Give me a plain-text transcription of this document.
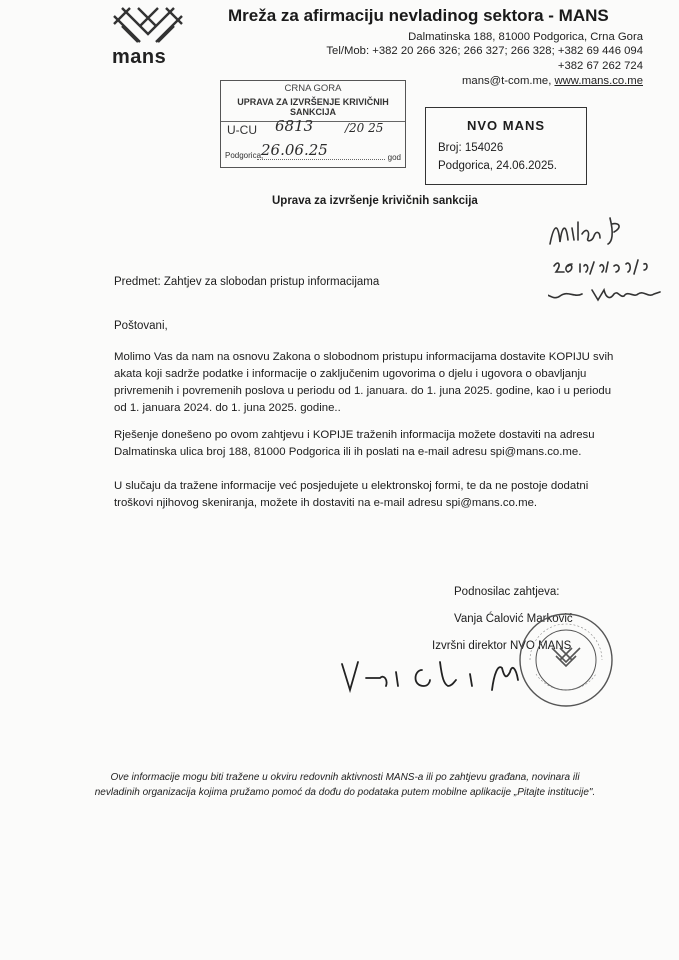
mans
Mreža za afirmaciju nevladinog sektora - MANS
Dalmatinska 188, 81000 Podgorica, Crna Gora
Tel/Mob: +382 20 266 326; 266 327; 266 328; +382 69 446 094
+382 67 262 724
mans@t-com.me, www.mans.co.me
CRNA GORA
UPRAVA ZA IZVRŠENJE KRIVIČNIH SANKCIJA
U-CU 6813	/20 25
Podgorica,
26.06.25	god
NVO MANS
Broj: 154026
Podgorica, 24.06.2025.
Uprava za izvršenje krivičnih sankcija
Predmet: Zahtjev za slobodan pristup informacijama
Poštovani,
Molimo Vas da nam na osnovu Zakona o slobodnom pristupu informacijama dostavite KOPIJU svih akata koji sadrže podatke i informacije o zaključenim ugovorima o djelu i ugovora o obavljanju privremenih i povremenih poslova u periodu od 1. januara. do 1. juna 2025. godine, kao i u periodu od 1. januara 2024. do 1. juna 2025. godine..
Rješenje donešeno po ovom zahtjevu i KOPIJE traženih informacija možete dostaviti na adresu Dalmatinska ulica broj 188, 81000 Podgorica ili ih poslati na e-mail adresu spi@mans.co.me.
U slučaju da tražene informacije već posjedujete u elektronskoj formi, te da ne postoje dodatni troškovi njihovog skeniranja, možete ih dostaviti na e-mail adresu spi@mans.co.me.
Podnosilac zahtjeva:
Vanja Ćalović Marković
Izvršni direktor NVO MANS
Ove informacije mogu biti tražene u okviru redovnih aktivnosti MANS-a ili po zahtjevu građana, novinara ili nevladinih organizacija kojima pružamo pomoć da dođu do podataka putem mobilne aplikacije „Pitajte institucije".
